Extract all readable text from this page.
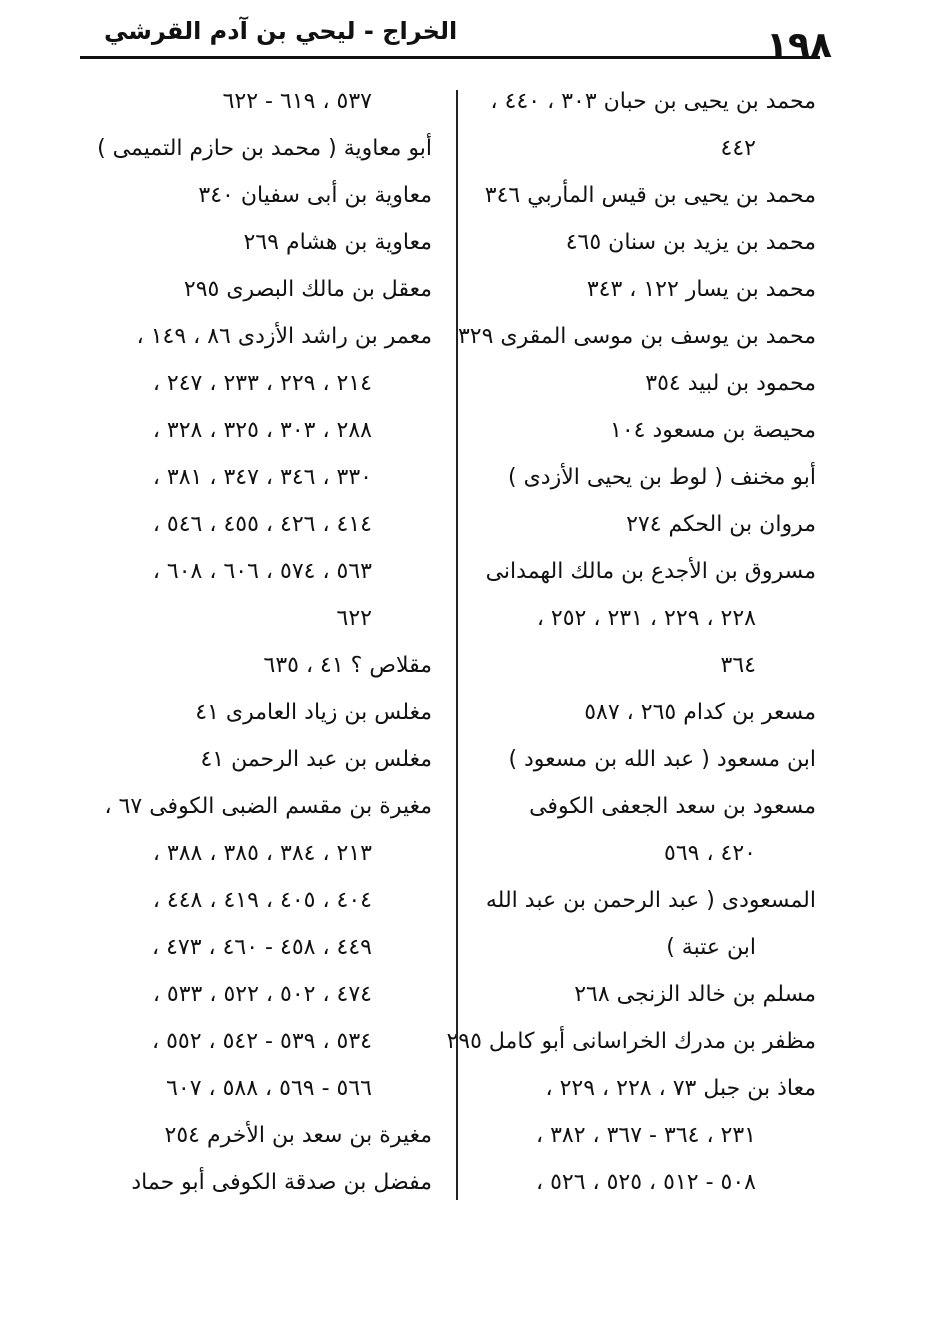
١٩٨
الخراج - ليحي بن آدم القرشي
محمد بن يحيى بن حبان ٣٠٣ ، ٤٤٠ ،
٤٤٢
محمد بن يحيى بن قيس المأربي ٣٤٦
محمد بن يزيد بن سنان ٤٦٥
محمد بن يسار ١٢٢ ، ٣٤٣
محمد بن يوسف بن موسى المقرى ٣٢٩
محمود بن لبيد ٣٥٤
محيصة بن مسعود ١٠٤
أبو مخنف ( لوط بن يحيى الأزدى )
مروان بن الحكم ٢٧٤
مسروق بن الأجدع بن مالك الهمدانى
٢٢٨ ، ٢٢٩ ، ٢٣١ ، ٢٥٢ ،
٣٦٤
مسعر بن كدام ٢٦٥ ، ٥٨٧
ابن مسعود ( عبد الله بن مسعود )
مسعود بن سعد الجعفى الكوفى
٤٢٠ ، ٥٦٩
المسعودى ( عبد الرحمن بن عبد الله
ابن عتبة )
مسلم بن خالد الزنجى ٢٦٨
مظفر بن مدرك الخراسانى أبو كامل ٢٩٥
معاذ بن جبل ٧٣ ، ٢٢٨ ، ٢٢٩ ،
٢٣١ ، ٣٦٤ - ٣٦٧ ، ٣٨٢ ،
٥٠٨ - ٥١٢ ، ٥٢٥ ، ٥٢٦ ،
٥٣٧ ، ٦١٩ - ٦٢٢
أبو معاوية ( محمد بن حازم التميمى )
معاوية بن أبى سفيان ٣٤٠
معاوية بن هشام ٢٦٩
معقل بن مالك البصرى ٢٩٥
معمر بن راشد الأزدى ٨٦ ، ١٤٩ ،
٢١٤ ، ٢٢٩ ، ٢٣٣ ، ٢٤٧ ،
٢٨٨ ، ٣٠٣ ، ٣٢٥ ، ٣٢٨ ،
٣٣٠ ، ٣٤٦ ، ٣٤٧ ، ٣٨١ ،
٤١٤ ، ٤٢٦ ، ٤٥٥ ، ٥٤٦ ،
٥٦٣ ، ٥٧٤ ، ٦٠٦ ، ٦٠٨ ،
٦٢٢
مقلاص ؟ ٤١ ، ٦٣٥
مغلس بن زياد العامرى ٤١
مغلس بن عبد الرحمن ٤١
مغيرة بن مقسم الضبى الكوفى ٦٧ ،
٢١٣ ، ٣٨٤ ، ٣٨٥ ، ٣٨٨ ،
٤٠٤ ، ٤٠٥ ، ٤١٩ ، ٤٤٨ ،
٤٤٩ ، ٤٥٨ - ٤٦٠ ، ٤٧٣ ،
٤٧٤ ، ٥٠٢ ، ٥٢٢ ، ٥٣٣ ،
٥٣٤ ، ٥٣٩ - ٥٤٢ ، ٥٥٢ ،
٥٦٦ - ٥٦٩ ، ٥٨٨ ، ٦٠٧
مغيرة بن سعد بن الأخرم ٢٥٤
مفضل بن صدقة الكوفى أبو حماد
